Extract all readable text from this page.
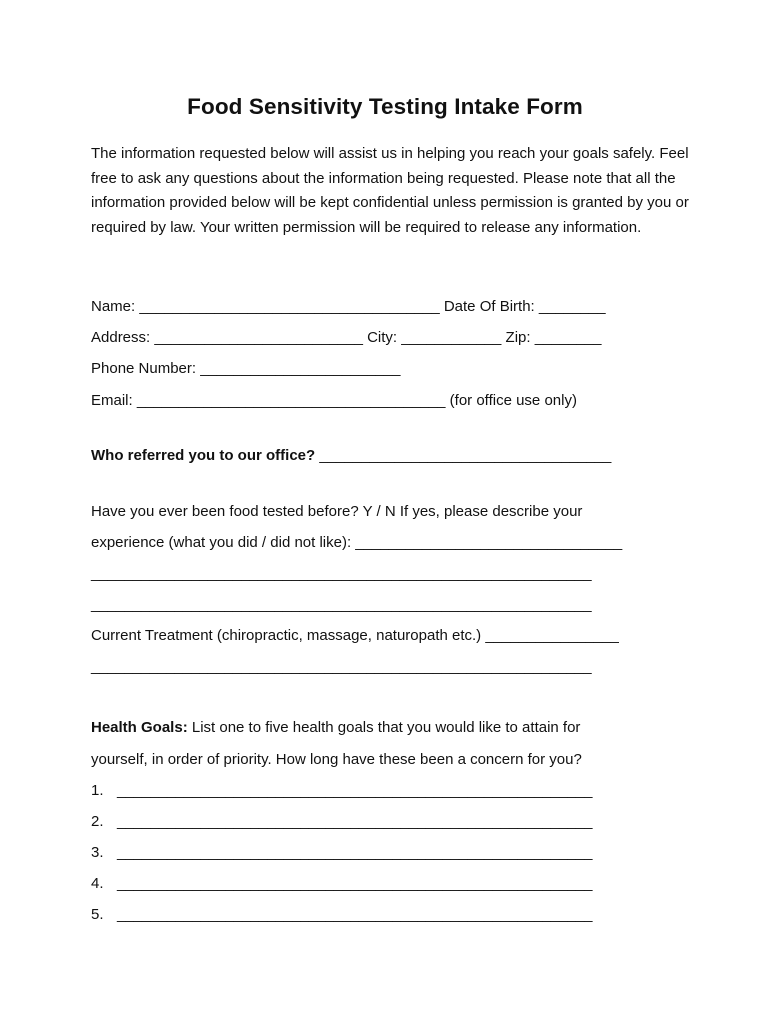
Food Sensitivity Testing Intake Form
The information requested below will assist us in helping you reach your goals safely. Feel free to ask any questions about the information being requested. Please note that all the information provided below will be kept confidential unless permission is granted by you or required by law. Your written permission will be required to release any information.
Name: ____________________________________ Date Of Birth: ________
Address: _________________________ City: ____________ Zip: ________
Phone Number: ________________________
Email: _____________________________________ (for office use only)
Who referred you to our office? ___________________________________
Have you ever been food tested before? Y / N If yes, please describe your
experience (what you did / did not like): ________________________________
____________________________________________________________
____________________________________________________________
Current Treatment (chiropractic, massage, naturopath etc.) ________________
____________________________________________________________
Health Goals: List one to five health goals that you would like to attain for
yourself, in order of priority. How long have these been a concern for you?
1. _________________________________________________________
2. _________________________________________________________
3. _________________________________________________________
4. _________________________________________________________
5. _________________________________________________________
